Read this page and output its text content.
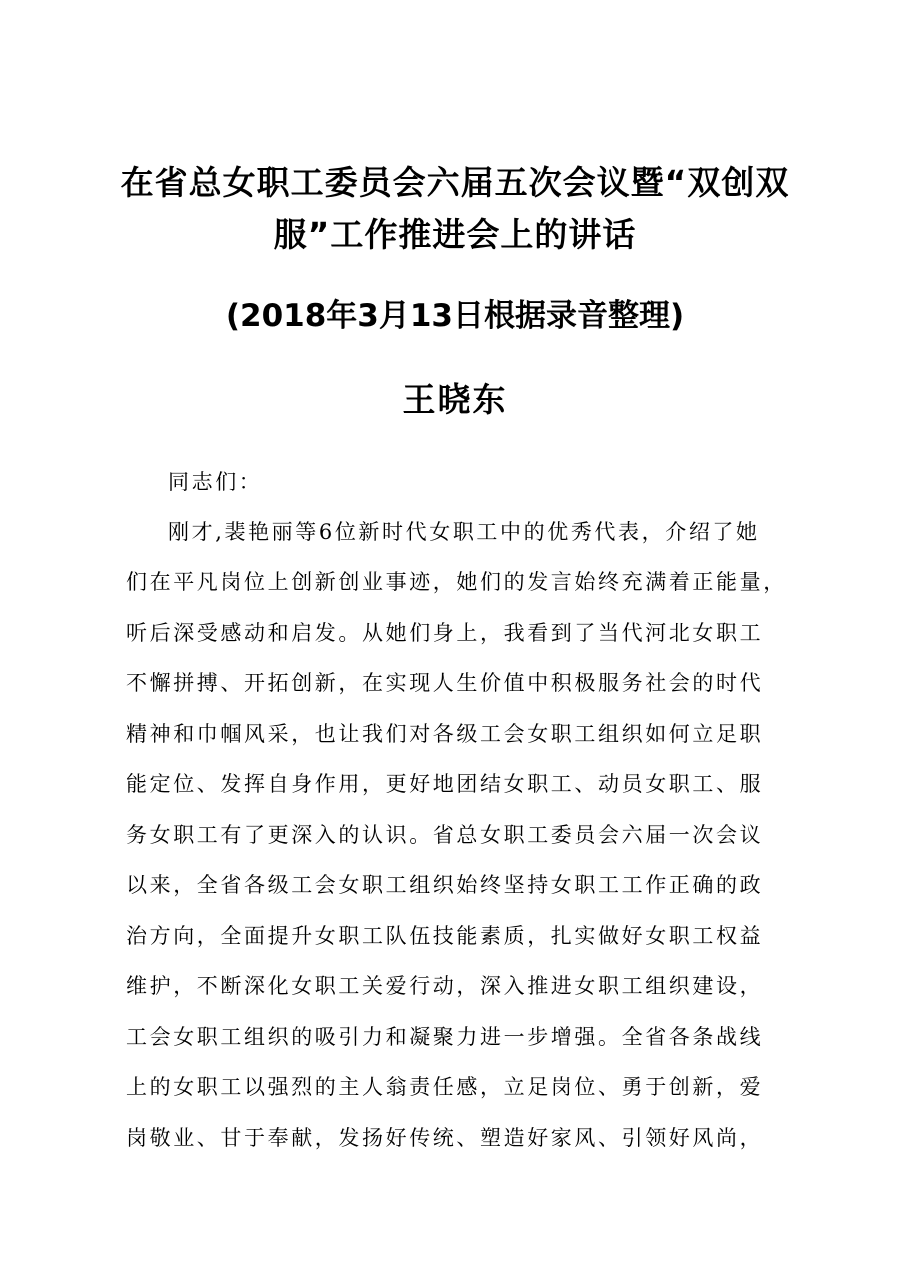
在省总女职工委员会六届五次会议暨“双创双
服”工作推进会上的讲话
(2018年3月13日根据录音整理)
王晓东
同志们：
刚才,裴艳丽等6位新时代女职工中的优秀代表，介绍了她
们在平凡岗位上创新创业事迹，她们的发言始终充满着正能量，
听后深受感动和启发。从她们身上，我看到了当代河北女职工
不懈拼搏、开拓创新，在实现人生价值中积极服务社会的时代
精神和巾帼风采，也让我们对各级工会女职工组织如何立足职
能定位、发挥自身作用，更好地团结女职工、动员女职工、服
务女职工有了更深入的认识。省总女职工委员会六届一次会议
以来，全省各级工会女职工组织始终坚持女职工工作正确的政
治方向，全面提升女职工队伍技能素质，扎实做好女职工权益
维护，不断深化女职工关爱行动，深入推进女职工组织建设，
工会女职工组织的吸引力和凝聚力进一步增强。全省各条战线
上的女职工以强烈的主人翁责任感，立足岗位、勇于创新，爱
岗敬业、甘于奉献，发扬好传统、塑造好家风、引领好风尚，
